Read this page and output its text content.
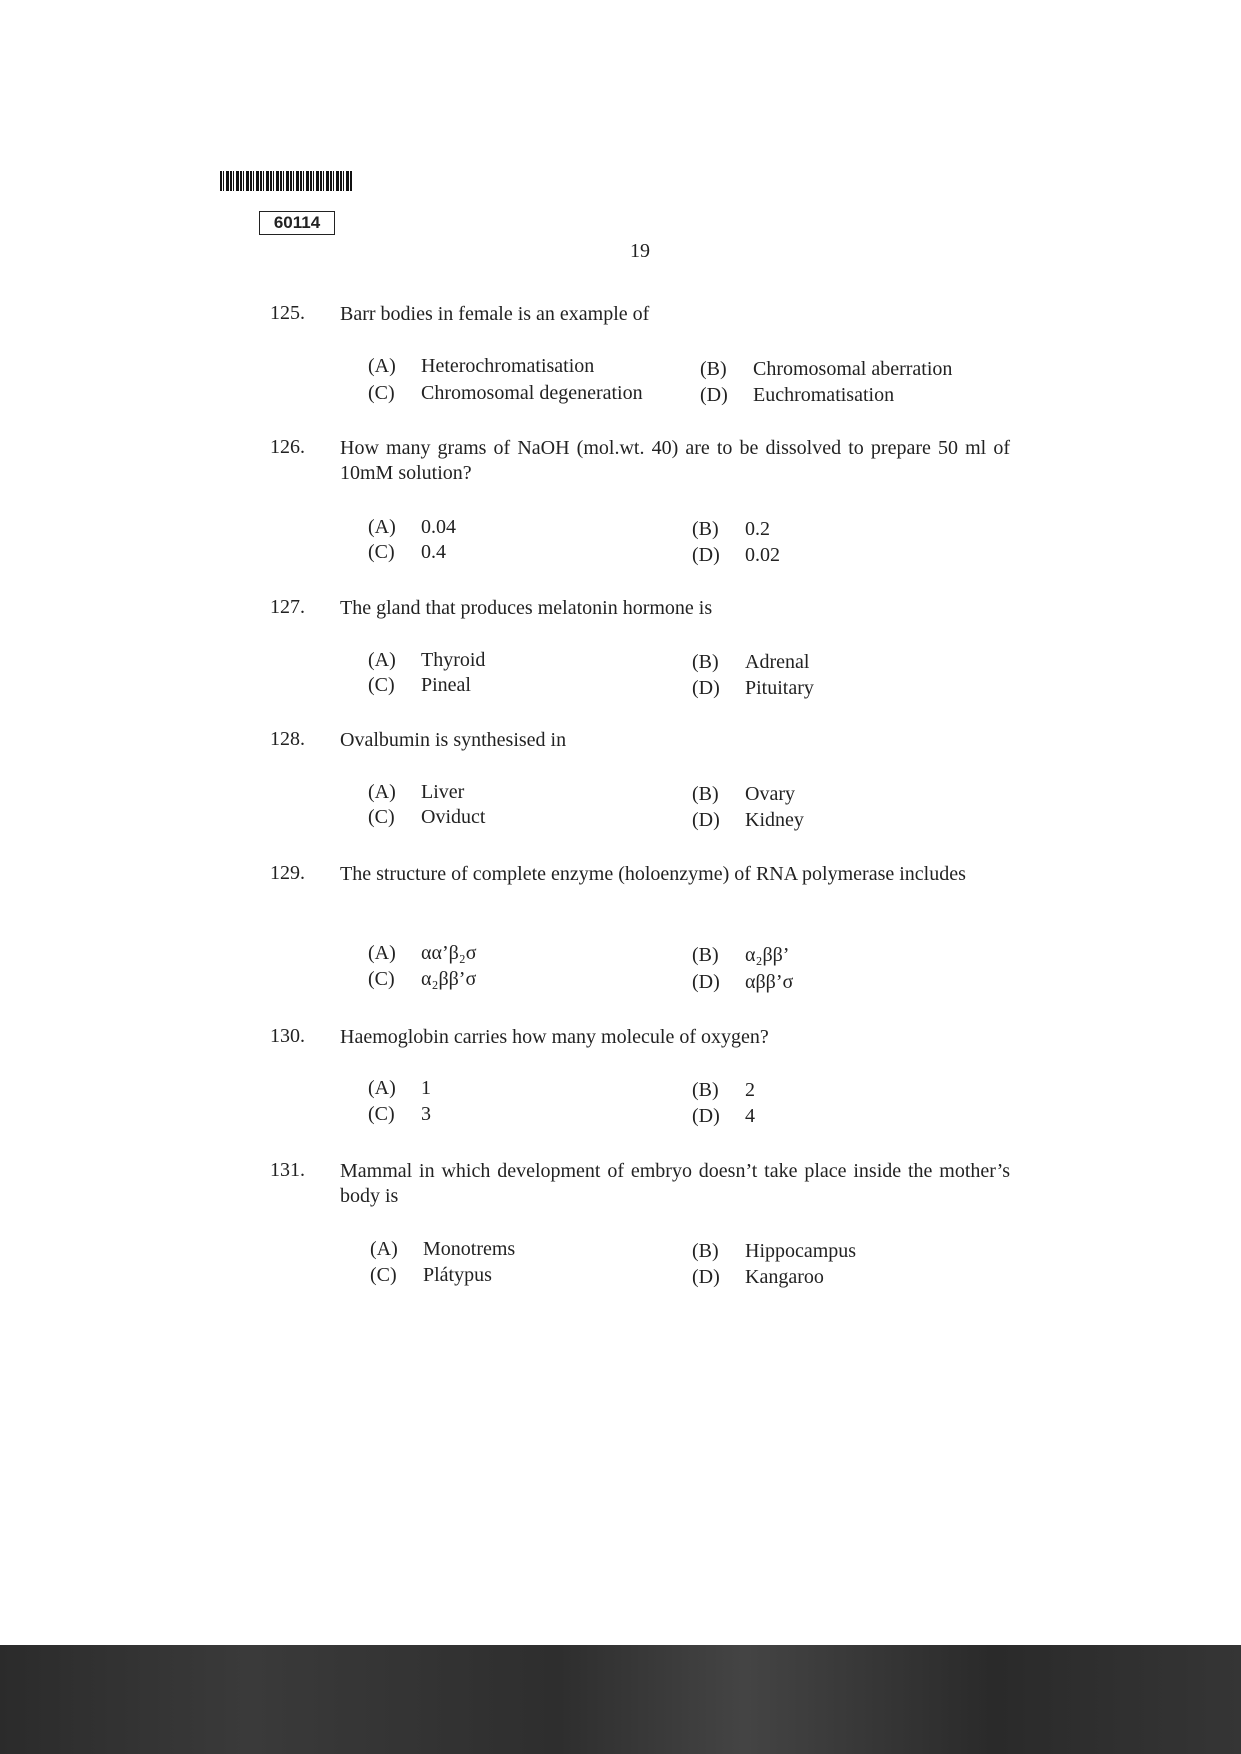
60114
19
125. Barr bodies in female is an example of
(A) Heterochromatisation	(B) Chromosomal aberration
(C) Chromosomal degeneration	(D) Euchromatisation
126. How many grams of NaOH (mol.wt. 40) are to be dissolved to prepare 50 ml of 10mM solution?
(A) 0.04	(B) 0.2
(C) 0.4	(D) 0.02
127. The gland that produces melatonin hormone is
(A) Thyroid	(B) Adrenal
(C) Pineal	(D) Pituitary
128. Ovalbumin is synthesised in
(A) Liver	(B) Ovary
(C) Oviduct	(D) Kidney
129. The structure of complete enzyme (holoenzyme) of RNA polymerase includes
(A) αα’β₂σ	(B) α₂ββ’
(C) α₂ββ’σ	(D) αββ’σ
130. Haemoglobin carries how many molecule of oxygen?
(A) 1	(B) 2
(C) 3	(D) 4
131. Mammal in which development of embryo doesn’t take place inside the mother’s body is
(A) Monotrems	(B) Hippocampus
(C) Plátypus	(D) Kangaroo
